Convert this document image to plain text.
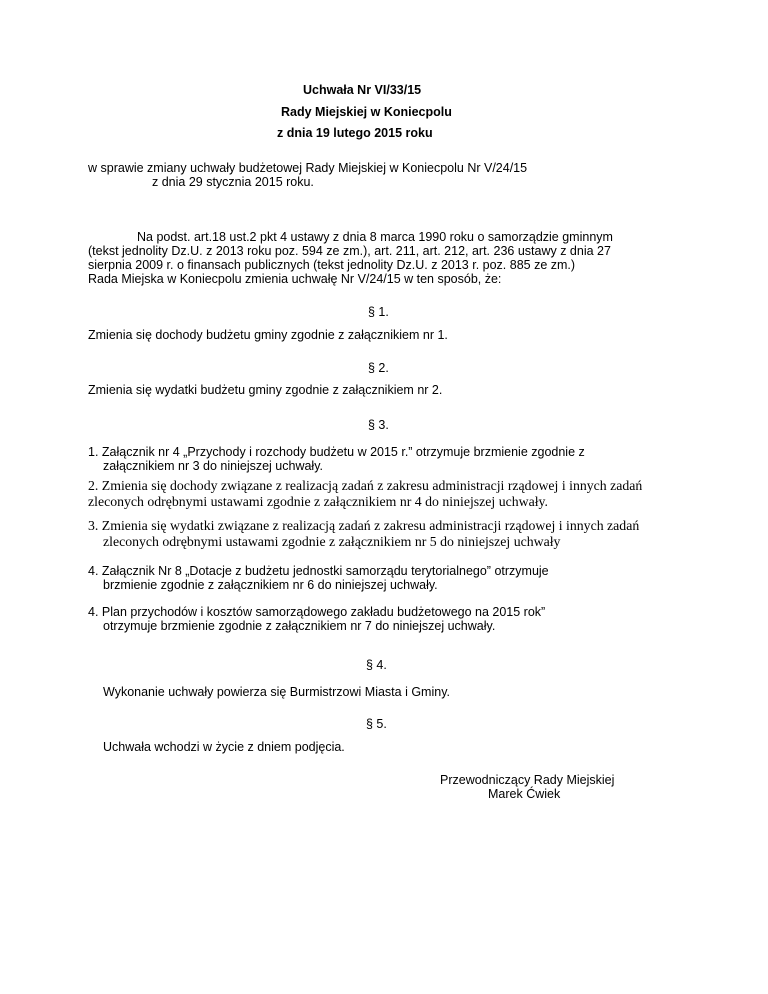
Uchwała Nr VI/33/15
Rady Miejskiej w Koniecpolu
z dnia 19 lutego 2015 roku
w sprawie zmiany uchwały budżetowej Rady Miejskiej w Koniecpolu Nr V/24/15
z dnia 29 stycznia 2015 roku.
Na podst. art.18 ust.2 pkt 4 ustawy z dnia 8 marca 1990 roku o samorządzie gminnym
(tekst jednolity Dz.U. z 2013 roku poz. 594 ze zm.), art. 211, art. 212, art. 236 ustawy z dnia 27
sierpnia 2009 r. o finansach publicznych (tekst jednolity Dz.U. z 2013 r. poz. 885 ze zm.)
Rada Miejska w Koniecpolu zmienia uchwałę Nr V/24/15 w ten sposób, że:
§ 1.
Zmienia się dochody budżetu gminy zgodnie z załącznikiem nr 1.
§ 2.
Zmienia się wydatki budżetu gminy zgodnie z załącznikiem nr 2.
§ 3.
1. Załącznik nr 4 „Przychody i rozchody budżetu w 2015 r.” otrzymuje brzmienie zgodnie z
załącznikiem nr 3 do niniejszej uchwały.
2. Zmienia się dochody związane z realizacją zadań z zakresu administracji rządowej i innych zadań
zleconych odrębnymi ustawami zgodnie z załącznikiem nr 4 do niniejszej uchwały.
3. Zmienia się wydatki związane z realizacją zadań z zakresu administracji rządowej i innych zadań
zleconych odrębnymi ustawami zgodnie z załącznikiem nr 5 do niniejszej uchwały
4. Załącznik Nr 8 „Dotacje z budżetu jednostki samorządu terytorialnego” otrzymuje
brzmienie zgodnie z załącznikiem nr 6 do niniejszej uchwały.
4. Plan przychodów i kosztów samorządowego zakładu budżetowego na 2015 rok”
otrzymuje brzmienie zgodnie z załącznikiem nr 7 do niniejszej uchwały.
§ 4.
Wykonanie uchwały powierza się Burmistrzowi Miasta i Gminy.
§ 5.
Uchwała wchodzi w życie z dniem podjęcia.
Przewodniczący Rady Miejskiej
Marek Ćwiek
